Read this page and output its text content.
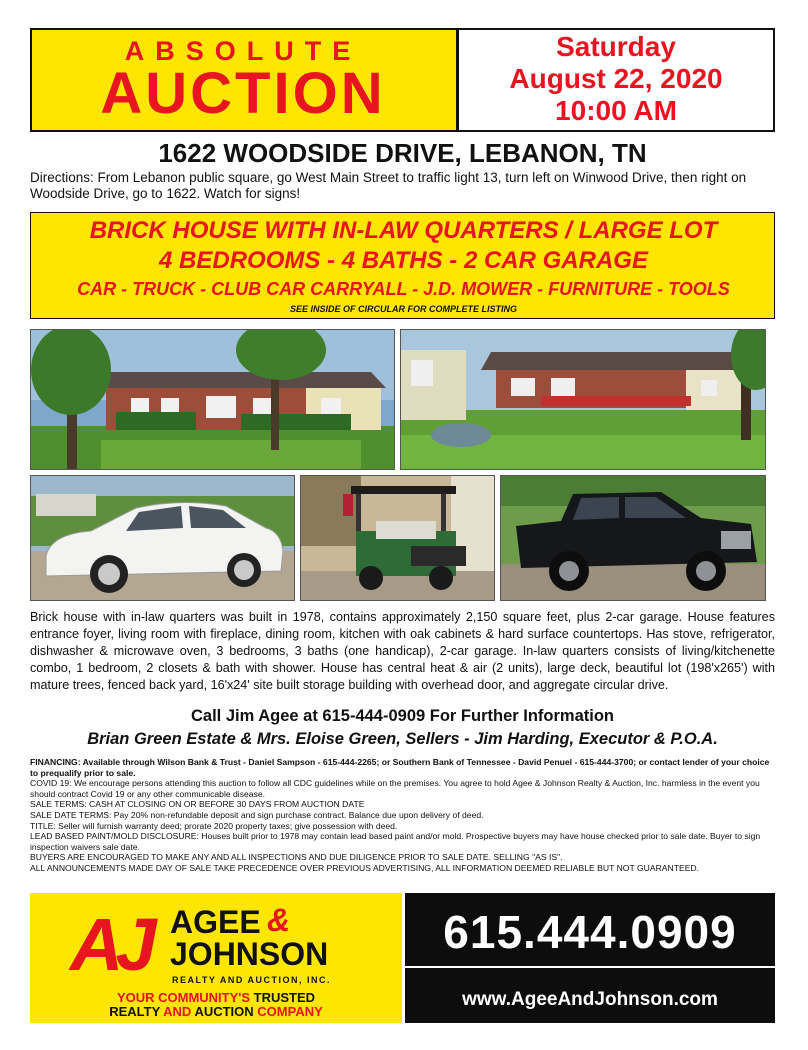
ABSOLUTE
AUCTION
Saturday
August 22, 2020
10:00 AM
1622 WOODSIDE DRIVE, LEBANON, TN
Directions: From Lebanon public square, go West Main Street to traffic light 13, turn left on Winwood Drive, then right on Woodside Drive, go to 1622. Watch for signs!
BRICK HOUSE WITH IN-LAW QUARTERS / LARGE LOT
4 BEDROOMS - 4 BATHS - 2 CAR GARAGE
CAR - TRUCK - CLUB CAR CARRYALL - J.D. MOWER - FURNITURE - TOOLS
SEE INSIDE OF CIRCULAR FOR COMPLETE LISTING
Brick house with in-law quarters was built in 1978, contains approximately 2,150 square feet, plus 2-car garage. House features entrance foyer, living room with fireplace, dining room, kitchen with oak cabinets & hard surface countertops. Has stove, refrigerator, dishwasher & microwave oven, 3 bedrooms, 3 baths (one handicap), 2-car garage. In-law quarters consists of living/kitchenette combo, 1 bedroom, 2 closets & bath with shower. House has central heat & air (2 units), large deck, beautiful lot (198'x265') with mature trees, fenced back yard, 16'x24' site built storage building with overhead door, and aggregate circular drive.
Call Jim Agee at 615-444-0909 For Further Information
Brian Green Estate & Mrs. Eloise Green, Sellers - Jim Harding, Executor & P.O.A.

FINANCING: Available through Wilson Bank & Trust - Daniel Sampson - 615-444-2265; or Southern Bank of Tennessee - David Penuel - 615-444-3700; or contact lender of your choice to prequalify prior to sale.

COVID 19: We encourage persons attending this auction to follow all CDC guidelines while on the premises. You agree to hold Agee & Johnson Realty & Auction, Inc. harmless in the event you should contract Covid 19 or any other communicable disease.

SALE TERMS: CASH AT CLOSING ON OR BEFORE 30 DAYS FROM AUCTION DATE

SALE DATE TERMS: Pay 20% non-refundable deposit and sign purchase contract. Balance due upon delivery of deed.

TITLE: Seller will furnish warranty deed; prorate 2020 property taxes; give possession with deed.

LEAD BASED PAINT/MOLD DISCLOSURE: Houses built prior to 1978 may contain lead based paint and/or mold. Prospective buyers may have house checked prior to sale date. Buyer to sign inspection waivers sale date.

BUYERS ARE ENCOURAGED TO MAKE ANY AND ALL INSPECTIONS AND DUE DILIGENCE PRIOR TO SALE DATE. SELLING "AS IS".

ALL ANNOUNCEMENTS MADE DAY OF SALE TAKE PRECEDENCE OVER PREVIOUS ADVERTISING, ALL INFORMATION DEEMED RELIABLE BUT NOT GUARANTEED.

AJ AGEE &
JOHNSON
REALTY AND AUCTION, INC.
YOUR COMMUNITY'S TRUSTED
REALTY AND AUCTION COMPANY
615.444.0909
www.AgeeAndJohnson.com
